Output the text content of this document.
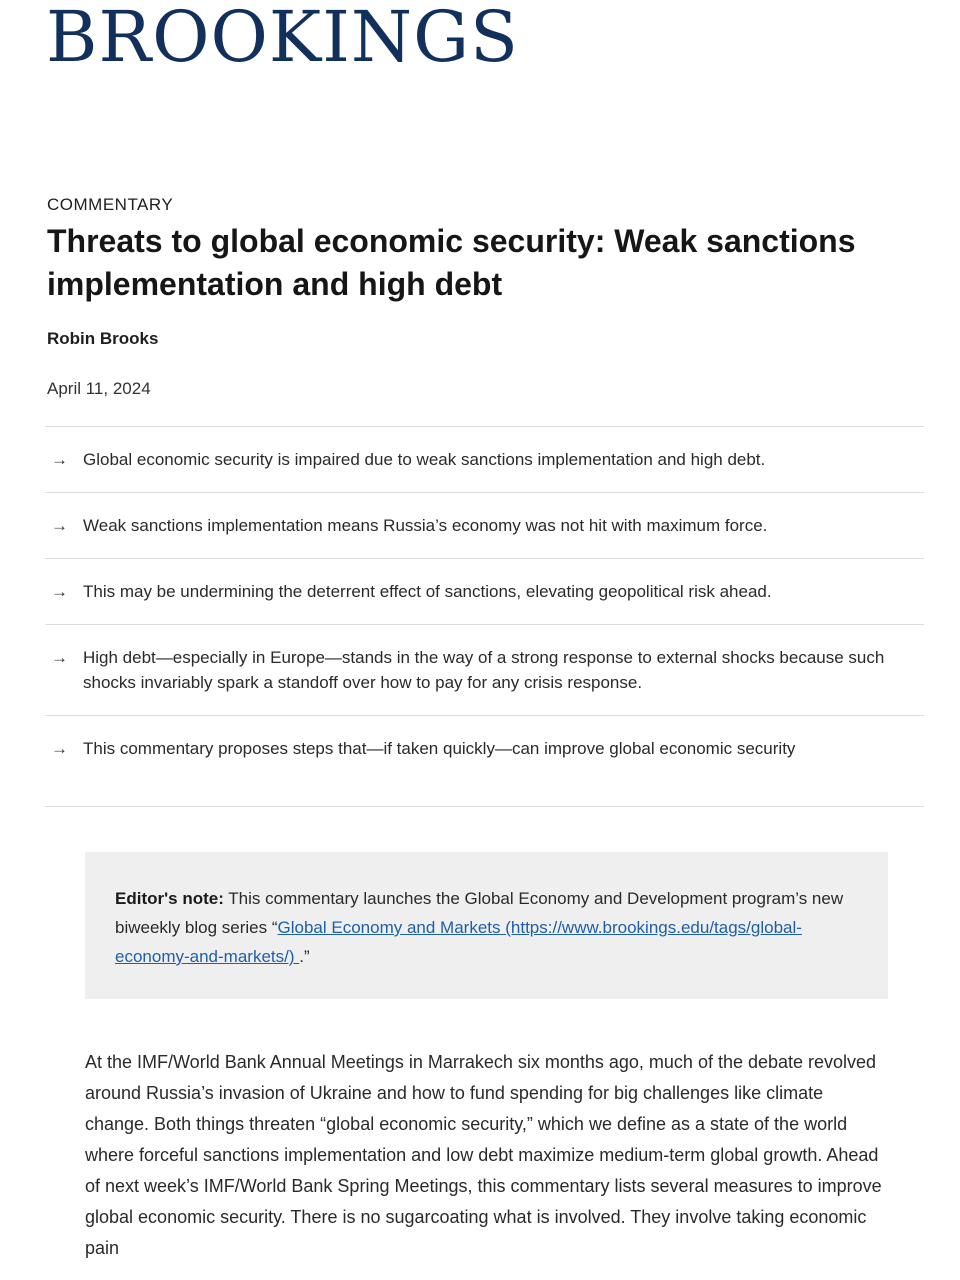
BROOKINGS
COMMENTARY
Threats to global economic security: Weak sanctions implementation and high debt
Robin Brooks
April 11, 2024
→ Global economic security is impaired due to weak sanctions implementation and high debt.
→ Weak sanctions implementation means Russia’s economy was not hit with maximum force.
→ This may be undermining the deterrent effect of sanctions, elevating geopolitical risk ahead.
→ High debt—especially in Europe—stands in the way of a strong response to external shocks because such shocks invariably spark a standoff over how to pay for any crisis response.
→ This commentary proposes steps that—if taken quickly—can improve global economic security
Editor's note: This commentary launches the Global Economy and Development program’s new biweekly blog series “Global Economy and Markets (https://www.brookings.edu/tags/global-economy-and-markets/) .”

At the IMF/World Bank Annual Meetings in Marrakech six months ago, much of the debate revolved around Russia’s invasion of Ukraine and how to fund spending for big challenges like climate change. Both things threaten “global economic security,” which we define as a state of the world where forceful sanctions implementation and low debt maximize medium-term global growth. Ahead of next week’s IMF/World Bank Spring Meetings, this commentary lists several measures to improve global economic security. There is no sugarcoating what is involved. They involve taking economic pain
